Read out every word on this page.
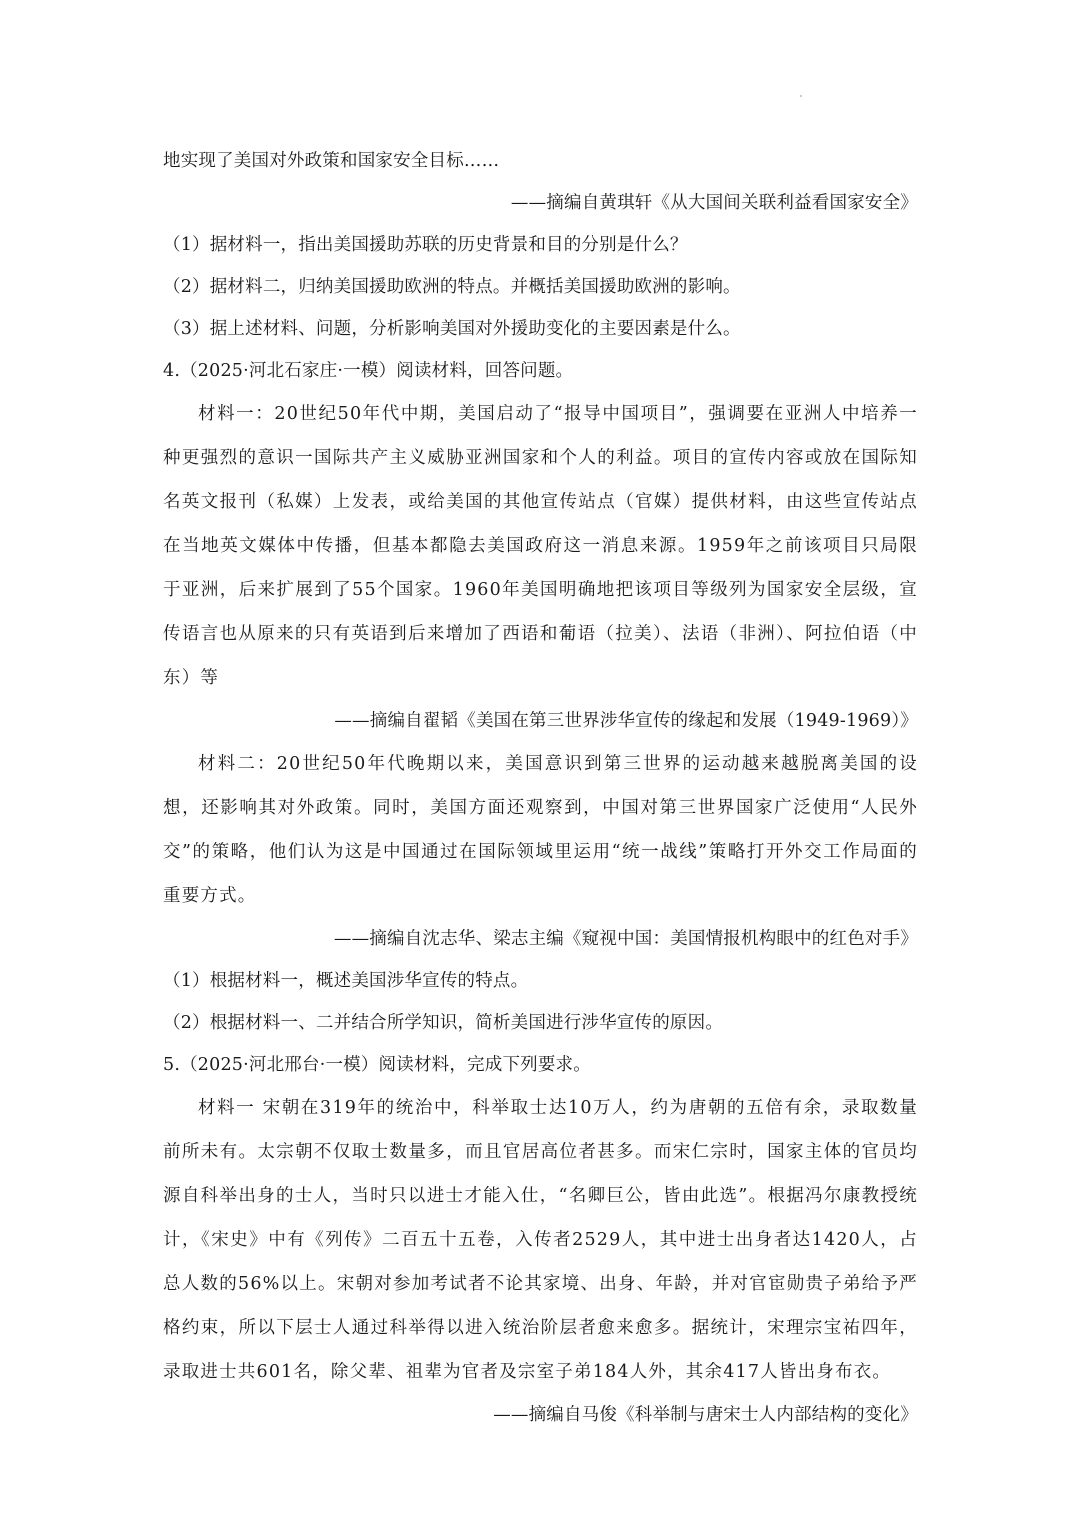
地实现了美国对外政策和国家安全目标……
——摘编自黄琪轩《从大国间关联利益看国家安全》
（1）据材料一，指出美国援助苏联的历史背景和目的分别是什么？
（2）据材料二，归纳美国援助欧洲的特点。并概括美国援助欧洲的影响。
（3）据上述材料、问题，分析影响美国对外援助变化的主要因素是什么。
4.（2025·河北石家庄·一模）阅读材料，回答问题。

材料一：20世纪50年代中期，美国启动了“报导中国项目”，强调要在亚洲人中培养一种更强烈的意识一国际共产主义威胁亚洲国家和个人的利益。项目的宣传内容或放在国际知名英文报刊（私媒）上发表，或给美国的其他宣传站点（官媒）提供材料，由这些宣传站点在当地英文媒体中传播，但基本都隐去美国政府这一消息来源。1959年之前该项目只局限于亚洲，后来扩展到了55个国家。1960年美国明确地把该项目等级列为国家安全层级，宣传语言也从原来的只有英语到后来增加了西语和葡语（拉美）、法语（非洲）、阿拉伯语（中东）等

——摘编自翟韬《美国在第三世界涉华宣传的缘起和发展（1949-1969）》

材料二：20世纪50年代晚期以来，美国意识到第三世界的运动越来越脱离美国的设想，还影响其对外政策。同时，美国方面还观察到，中国对第三世界国家广泛使用“人民外交”的策略，他们认为这是中国通过在国际领域里运用“统一战线”策略打开外交工作局面的重要方式。

——摘编自沈志华、梁志主编《窥视中国：美国情报机构眼中的红色对手》
（1）根据材料一，概述美国涉华宣传的特点。
（2）根据材料一、二并结合所学知识，简析美国进行涉华宣传的原因。
5.（2025·河北邢台·一模）阅读材料，完成下列要求。

材料一 宋朝在319年的统治中，科举取士达10万人，约为唐朝的五倍有余，录取数量前所未有。太宗朝不仅取士数量多，而且官居高位者甚多。而宋仁宗时，国家主体的官员均源自科举出身的士人，当时只以进士才能入仕，“名卿巨公，皆由此选”。根据冯尔康教授统计，《宋史》中有《列传》二百五十五卷，入传者2529人，其中进士出身者达1420人，占总人数的56%以上。宋朝对参加考试者不论其家境、出身、年龄，并对官宦勋贵子弟给予严格约束，所以下层士人通过科举得以进入统治阶层者愈来愈多。据统计，宋理宗宝祐四年，录取进士共601名，除父辈、祖辈为官者及宗室子弟184人外，其余417人皆出身布衣。

——摘编自马俊《科举制与唐宋士人内部结构的变化》
